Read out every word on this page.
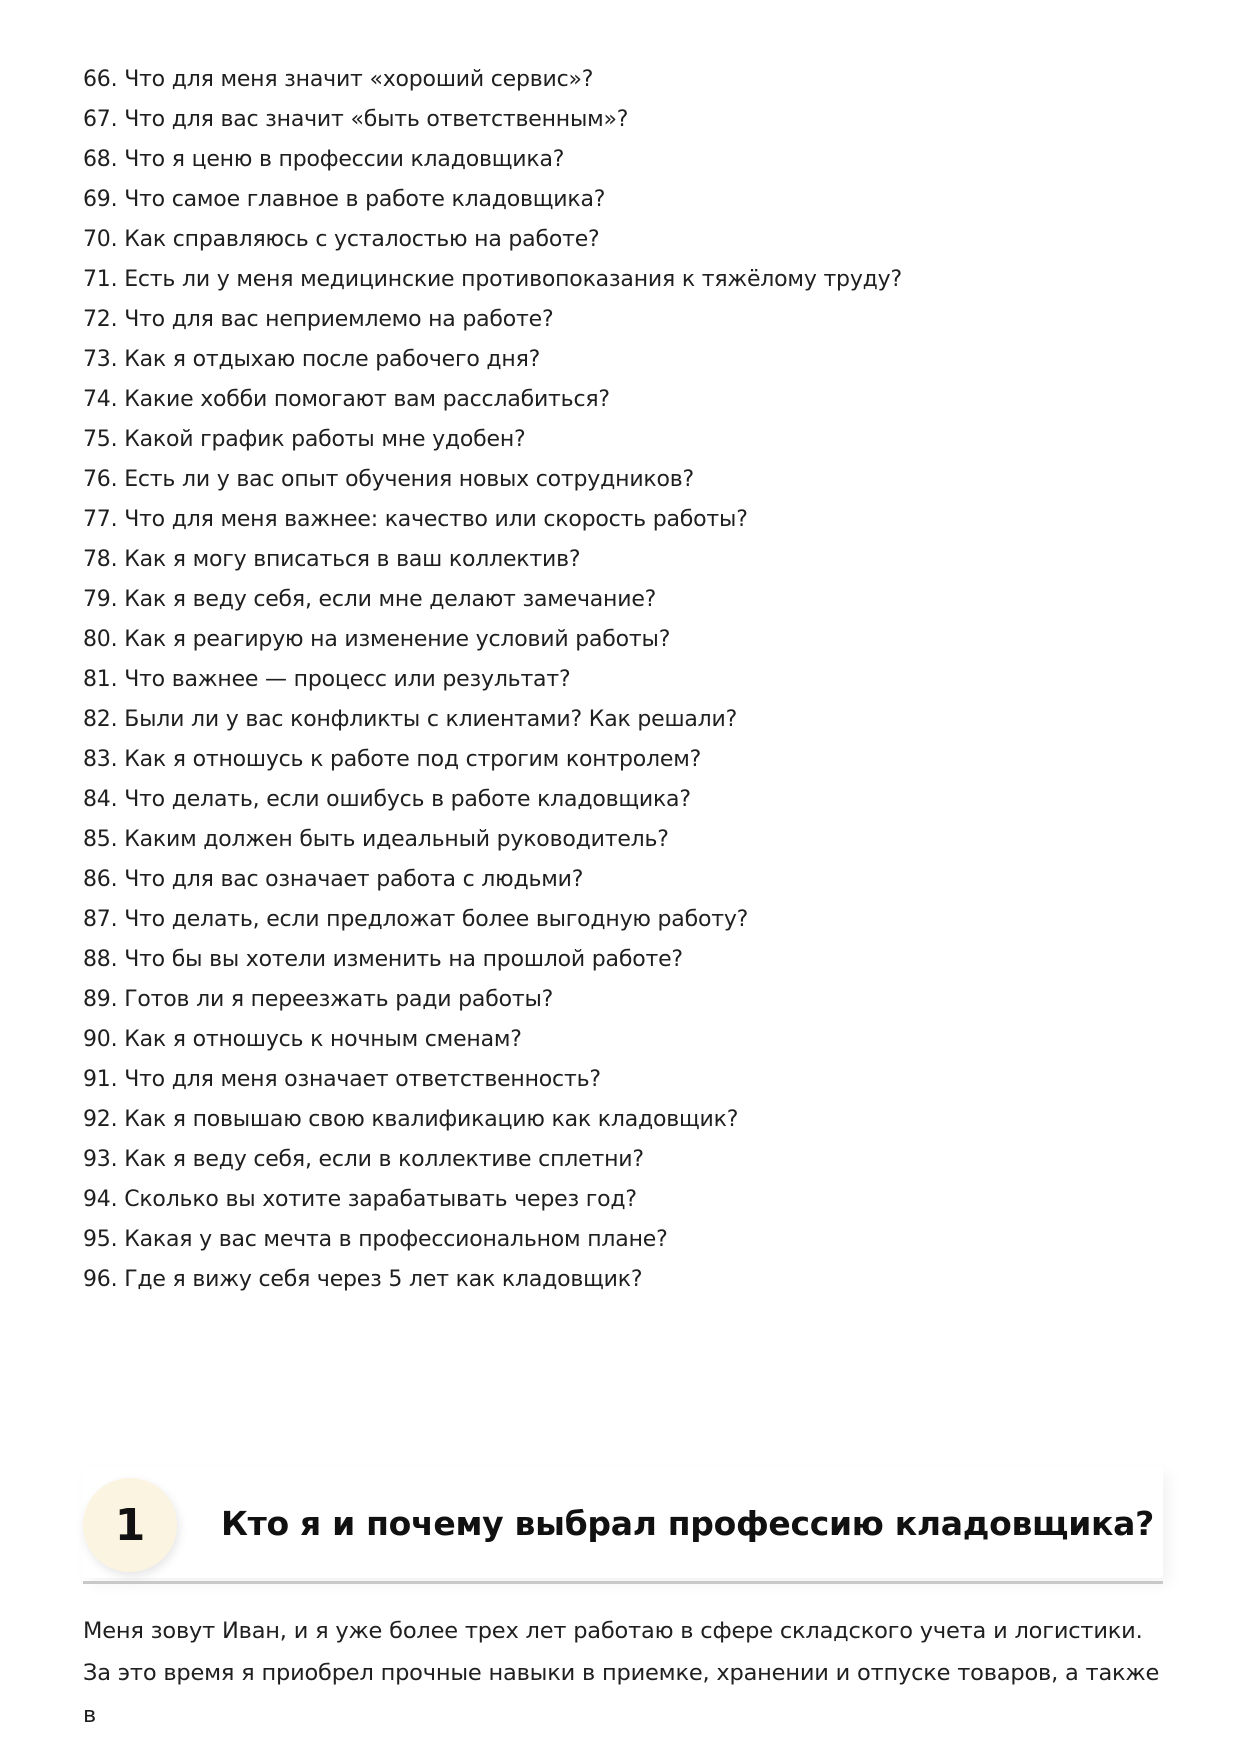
66. Что для меня значит «хороший сервис»?
67. Что для вас значит «быть ответственным»?
68. Что я ценю в профессии кладовщика?
69. Что самое главное в работе кладовщика?
70. Как справляюсь с усталостью на работе?
71. Есть ли у меня медицинские противопоказания к тяжёлому труду?
72. Что для вас неприемлемо на работе?
73. Как я отдыхаю после рабочего дня?
74. Какие хобби помогают вам расслабиться?
75. Какой график работы мне удобен?
76. Есть ли у вас опыт обучения новых сотрудников?
77. Что для меня важнее: качество или скорость работы?
78. Как я могу вписаться в ваш коллектив?
79. Как я веду себя, если мне делают замечание?
80. Как я реагирую на изменение условий работы?
81. Что важнее — процесс или результат?
82. Были ли у вас конфликты с клиентами? Как решали?
83. Как я отношусь к работе под строгим контролем?
84. Что делать, если ошибусь в работе кладовщика?
85. Каким должен быть идеальный руководитель?
86. Что для вас означает работа с людьми?
87. Что делать, если предложат более выгодную работу?
88. Что бы вы хотели изменить на прошлой работе?
89. Готов ли я переезжать ради работы?
90. Как я отношусь к ночным сменам?
91. Что для меня означает ответственность?
92. Как я повышаю свою квалификацию как кладовщик?
93. Как я веду себя, если в коллективе сплетни?
94. Сколько вы хотите зарабатывать через год?
95. Какая у вас мечта в профессиональном плане?
96. Где я вижу себя через 5 лет как кладовщик?
1	Кто я и почему выбрал профессию кладовщика?

Меня зовут Иван, и я уже более трех лет работаю в сфере складского учета и логистики. За это время я приобрел прочные навыки в приемке, хранении и отпуске товаров, а также в
